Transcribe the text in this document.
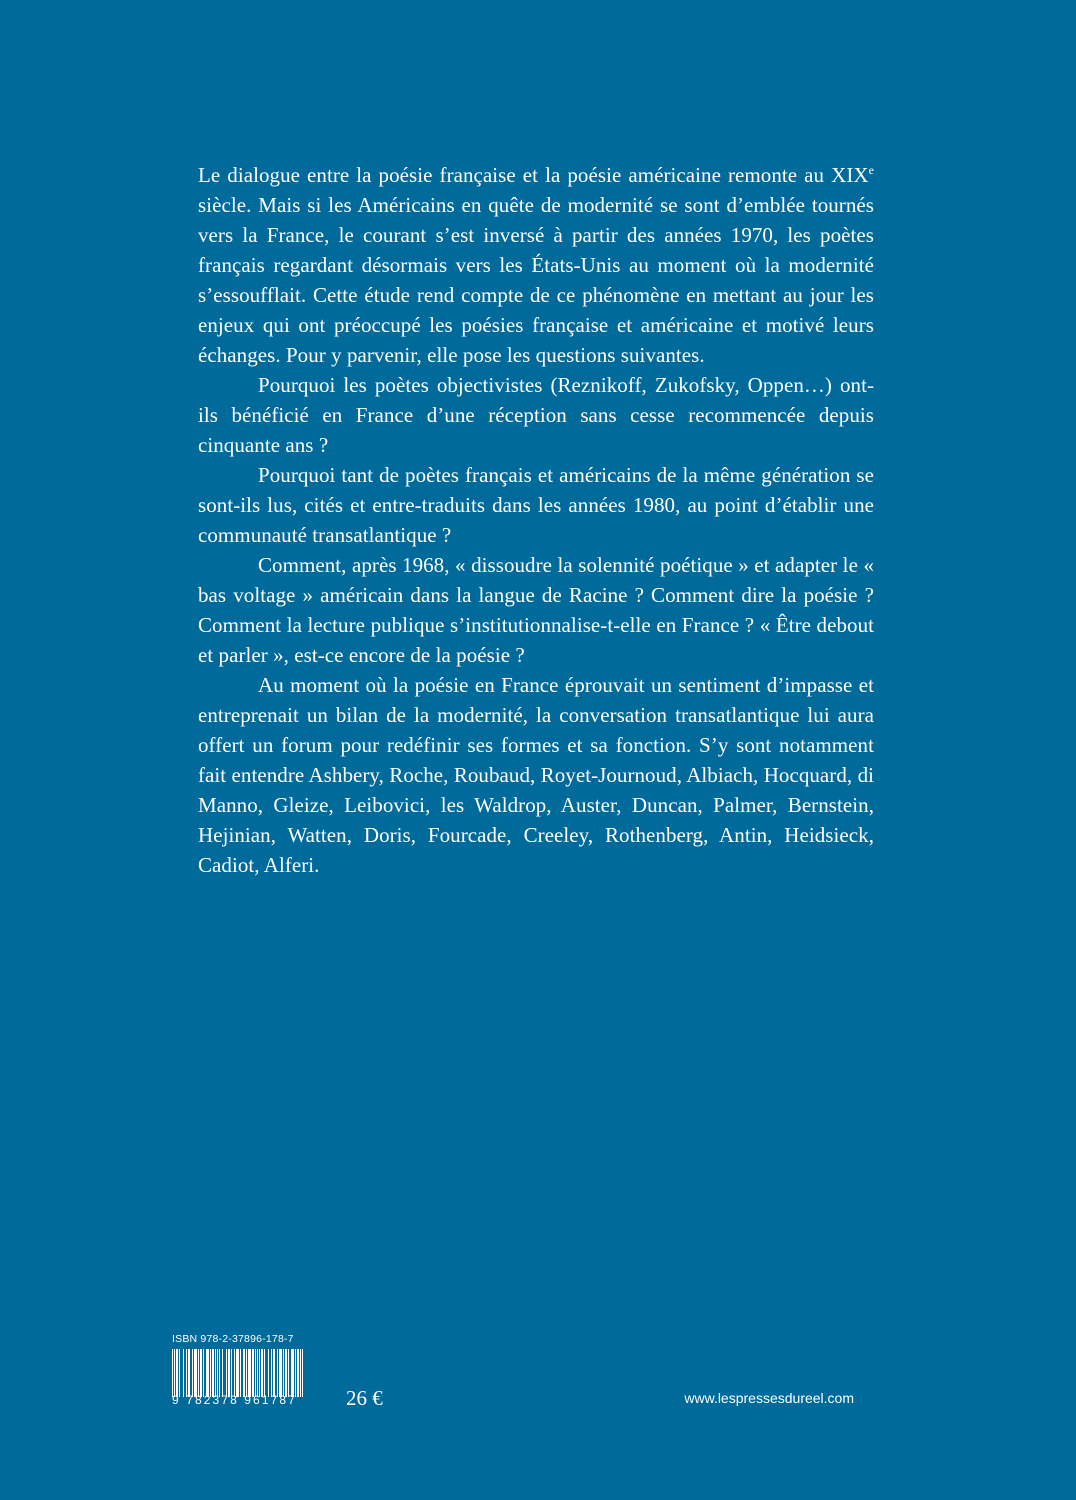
Le dialogue entre la poésie française et la poésie américaine remonte au XIXe siècle. Mais si les Américains en quête de modernité se sont d’emblée tournés vers la France, le courant s’est inversé à partir des années 1970, les poètes français regardant désormais vers les États-Unis au moment où la modernité s’essoufflait. Cette étude rend compte de ce phénomène en mettant au jour les enjeux qui ont préoccupé les poésies française et américaine et motivé leurs échanges. Pour y parvenir, elle pose les questions suivantes.

Pourquoi les poètes objectivistes (Reznikoff, Zukofsky, Oppen…) ont-ils bénéficié en France d’une réception sans cesse recommencée depuis cinquante ans ?

Pourquoi tant de poètes français et américains de la même génération se sont-ils lus, cités et entre-traduits dans les années 1980, au point d’établir une communauté transatlantique ?

Comment, après 1968, « dissoudre la solennité poétique » et adapter le « bas voltage » américain dans la langue de Racine ? Comment dire la poésie ? Comment la lecture publique s’institutionnalise-t-elle en France ? « Être debout et parler », est-ce encore de la poésie ?

Au moment où la poésie en France éprouvait un sentiment d’impasse et entreprenait un bilan de la modernité, la conversation transatlantique lui aura offert un forum pour redéfinir ses formes et sa fonction. S’y sont notamment fait entendre Ashbery, Roche, Roubaud, Royet-Journoud, Albiach, Hocquard, di Manno, Gleize, Leibovici, les Waldrop, Auster, Duncan, Palmer, Bernstein, Hejinian, Watten, Doris, Fourcade, Creeley, Rothenberg, Antin, Heidsieck, Cadiot, Alferi.

ISBN 978-2-37896-178-7
9 782378 961787	26 €	www.lespressesdureel.com
